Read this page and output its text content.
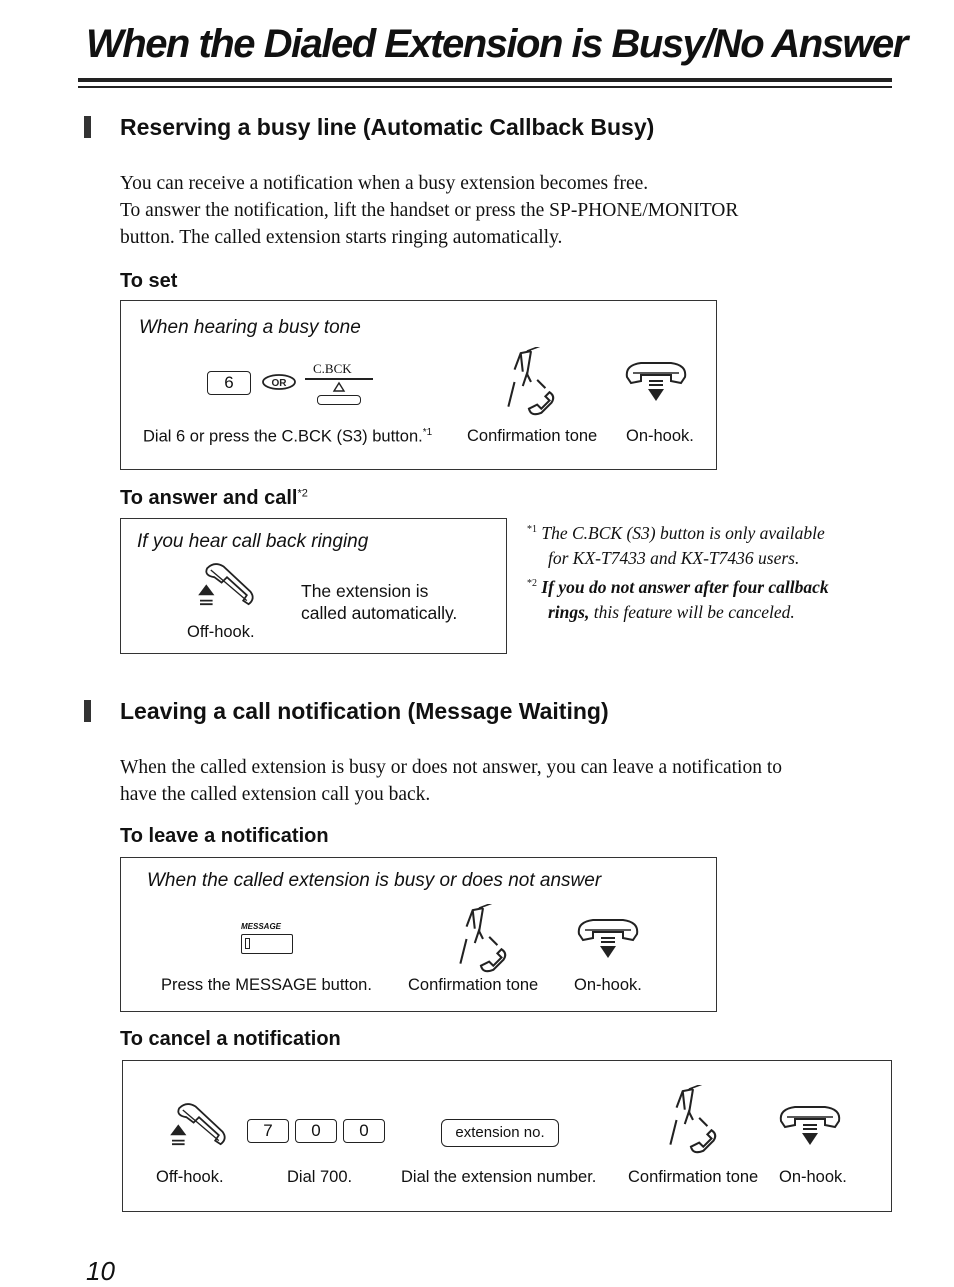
When the Dialed Extension is Busy/No Answer
Reserving a busy line (Automatic Callback Busy)
You can receive a notification when a busy extension becomes free.
To answer the notification, lift the handset or press the SP-PHONE/MONITOR
button. The called extension starts ringing automatically.
To set
When hearing a busy tone
6	OR
C.BCK
Dial 6 or press the C.BCK (S3) button.$^{*1}$ Confirmation tone On-hook.
To answer and call$^{*2}$
If you hear call back ringing
Off-hook.
The extension is
called automatically.
$^{*1}$ The C.BCK (S3) button is only available
for KX-T7433 and KX-T7436 users.
$^{*2}$ If you do not answer after four callback
rings, this feature will be canceled.
Leaving a call notification (Message Waiting)
When the called extension is busy or does not answer, you can leave a notification to
have the called extension call you back.
To leave a notification
When the called extension is busy or does not answer
MESSAGE
Press the MESSAGE button. Confirmation tone On-hook.
To cancel a notification
7	0	0	extension no.
Off-hook.	Dial 700.	Dial the extension number. Confirmation tone On-hook.
10
